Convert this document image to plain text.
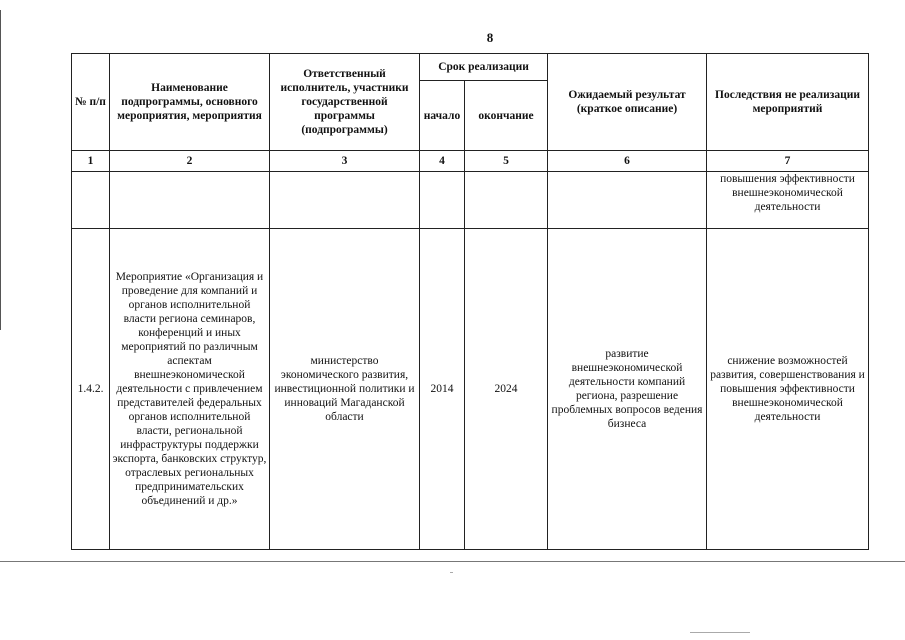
8
№ п/п	Наименование подпрограммы, основного мероприятия, мероприятия	Ответственный исполнитель, участники государственной программы (подпрограммы)	Срок реализации		Ожидаемый результат (краткое описание)	Последствия не реализации мероприятий
			начало	окончание		
1	2	3	4	5	6	7
						повышения эффективности внешнеэкономической деятельности
1.4.2.	Мероприятие «Организация и проведение для компаний и органов исполнительной власти региона семинаров, конференций и иных мероприятий по различным аспектам внешнеэкономической деятельности с привлечением представителей федеральных органов исполнительной власти, региональной инфраструктуры поддержки экспорта, банковских структур, отраслевых региональных предпринимательских объединений и др.»	министерство экономического развития, инвестиционной политики и инноваций Магаданской области	2014	2024	развитие внешнеэкономической деятельности компаний региона, разрешение проблемных вопросов ведения бизнеса	снижение возможностей развития, совершенствования и повышения эффективности внешнеэкономической деятельности
